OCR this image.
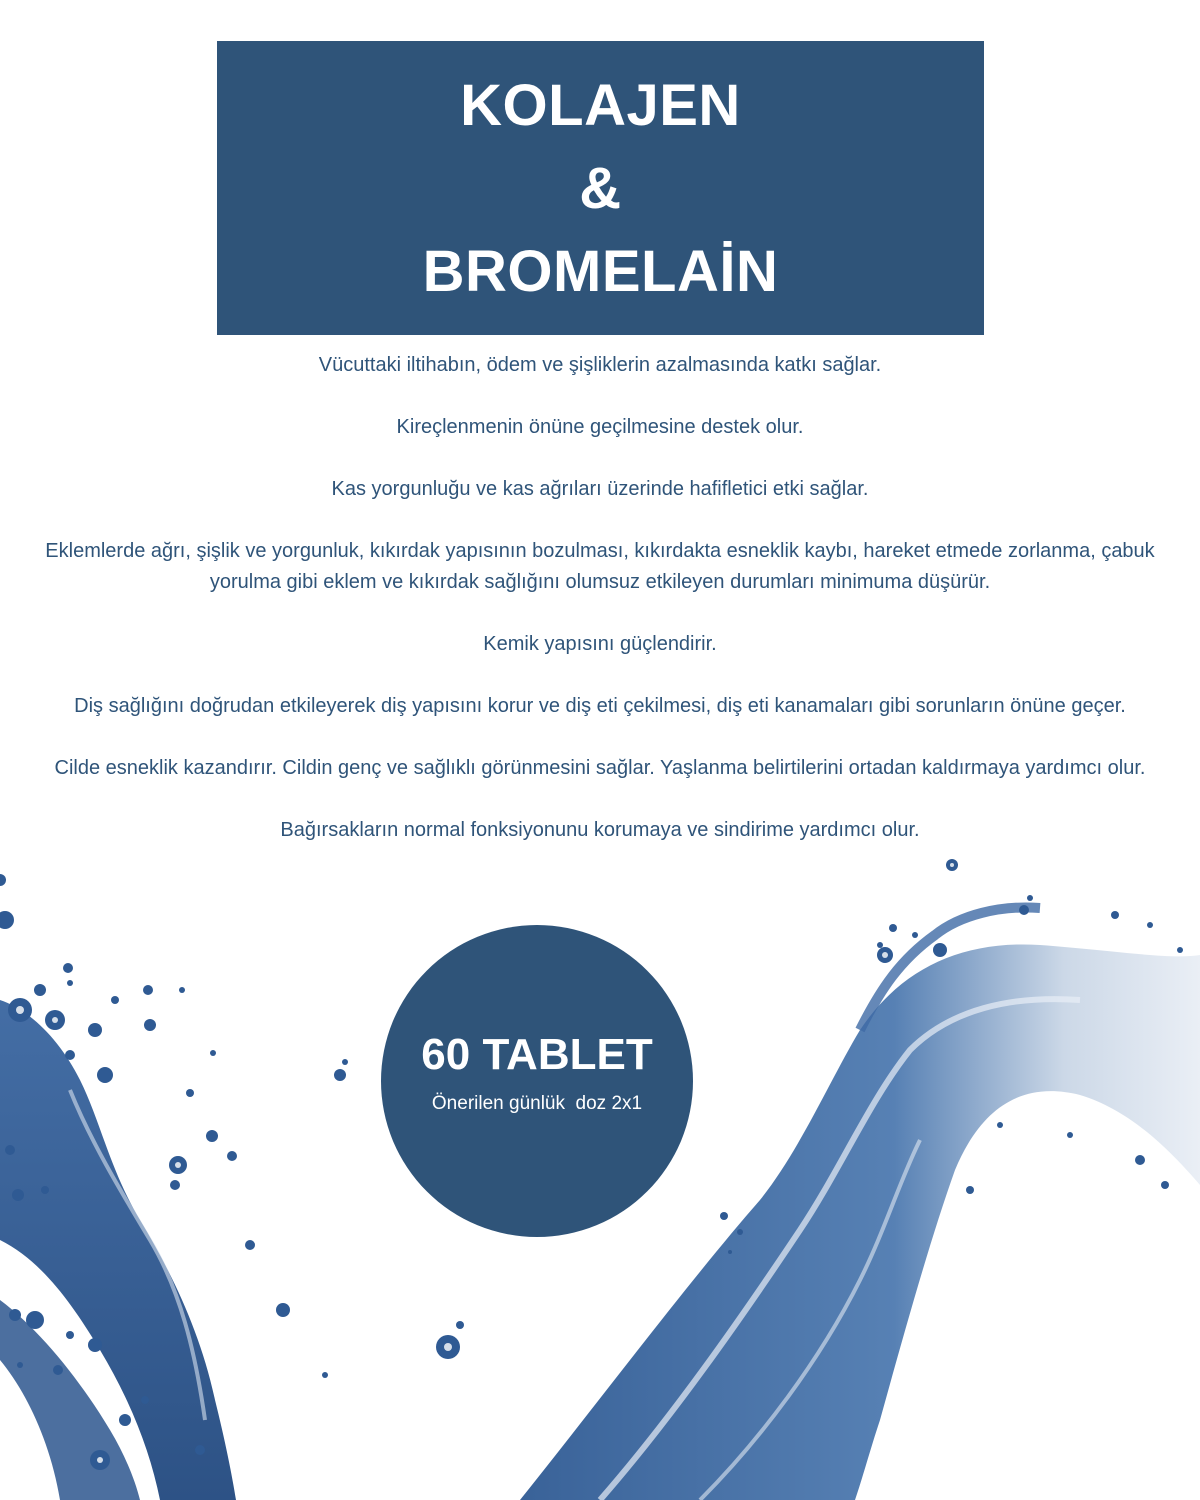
KOLAJEN
&
BROMELAİN
Vücuttaki iltihabın, ödem ve şişliklerin azalmasında katkı sağlar.
Kireçlenmenin önüne geçilmesine destek olur.
Kas yorgunluğu ve kas ağrıları üzerinde hafifletici etki sağlar.
Eklemlerde ağrı, şişlik ve yorgunluk, kıkırdak yapısının bozulması, kıkırdakta esneklik kaybı, hareket etmede zorlanma, çabuk yorulma gibi eklem ve kıkırdak sağlığını olumsuz etkileyen durumları minimuma düşürür.
Kemik yapısını güçlendirir.
Diş sağlığını doğrudan etkileyerek diş yapısını korur ve diş eti çekilmesi, diş eti kanamaları gibi sorunların önüne geçer.
Cilde esneklik kazandırır. Cildin genç ve sağlıklı görünmesini sağlar. Yaşlanma belirtilerini ortadan kaldırmaya yardımcı olur.
Bağırsakların normal fonksiyonunu korumaya ve sindirime yardımcı olur.
60 TABLET
Önerilen günlük  doz 2x1
